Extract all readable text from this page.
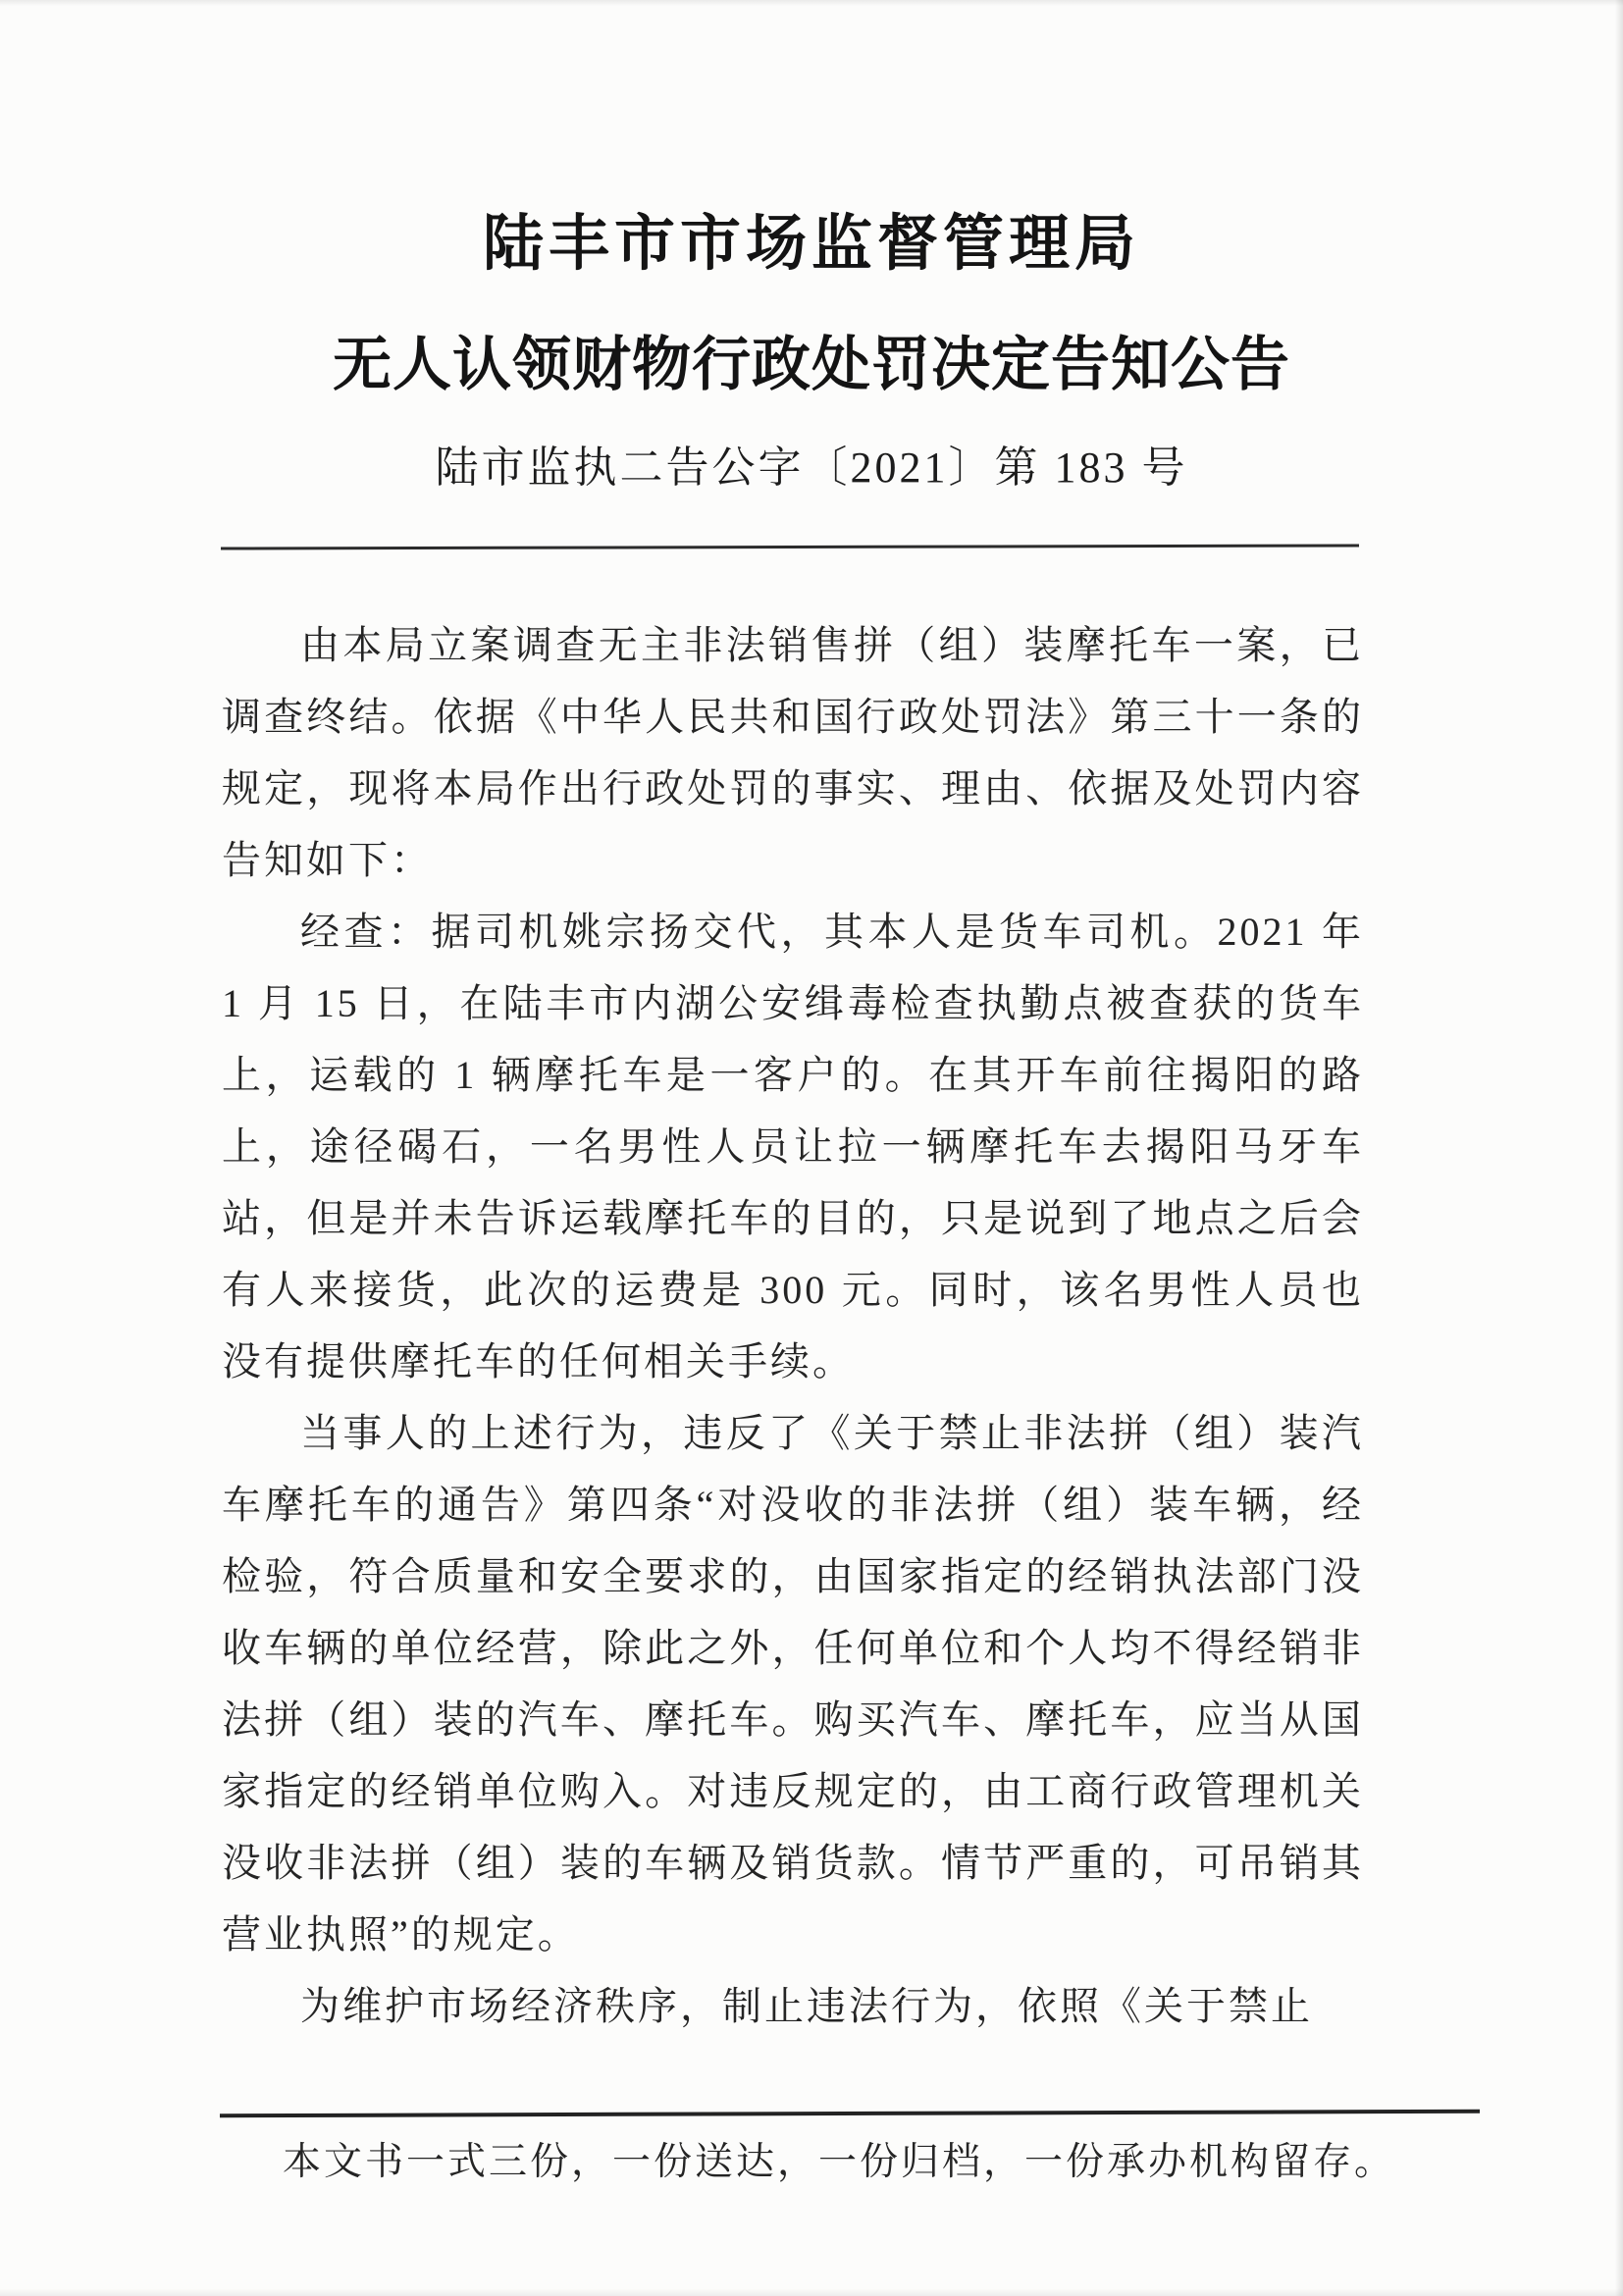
陆丰市市场监督管理局
无人认领财物行政处罚决定告知公告
陆市监执二告公字〔2021〕第 183 号

由本局立案调查无主非法销售拼（组）装摩托车一案，已调查终结。依据《中华人民共和国行政处罚法》第三十一条的规定，现将本局作出行政处罚的事实、理由、依据及处罚内容告知如下：

经查：据司机姚宗扬交代，其本人是货车司机。2021 年 1 月 15 日，在陆丰市内湖公安缉毒检查执勤点被查获的货车上，运载的 1 辆摩托车是一客户的。在其开车前往揭阳的路上，途径碣石，一名男性人员让拉一辆摩托车去揭阳马牙车站，但是并未告诉运载摩托车的目的，只是说到了地点之后会有人来接货，此次的运费是 300 元。同时，该名男性人员也没有提供摩托车的任何相关手续。

当事人的上述行为，违反了《关于禁止非法拼（组）装汽车摩托车的通告》第四条“对没收的非法拼（组）装车辆，经检验，符合质量和安全要求的，由国家指定的经销执法部门没收车辆的单位经营，除此之外，任何单位和个人均不得经销非法拼（组）装的汽车、摩托车。购买汽车、摩托车，应当从国家指定的经销单位购入。对违反规定的，由工商行政管理机关没收非法拼（组）装的车辆及销货款。情节严重的，可吊销其营业执照”的规定。

为维护市场经济秩序，制止违法行为，依照《关于禁止

本文书一式三份，一份送达，一份归档，一份承办机构留存。
